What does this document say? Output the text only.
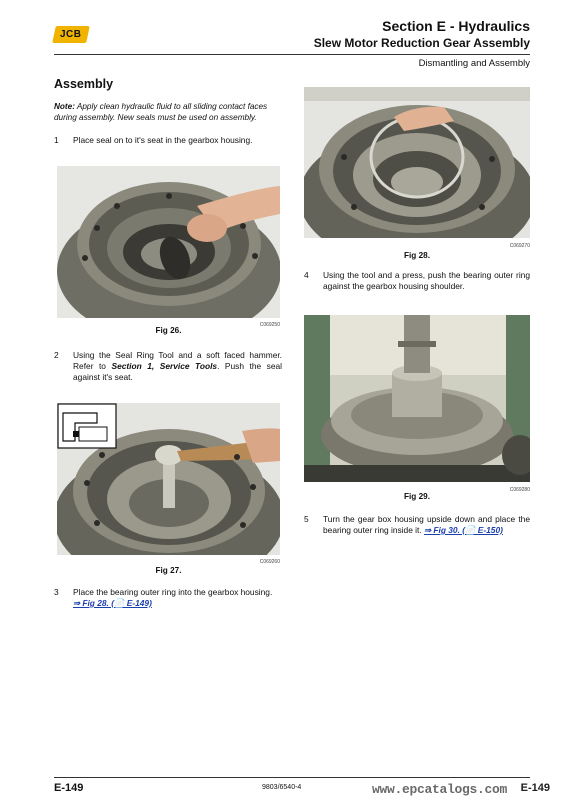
JCB
Section E - Hydraulics
Slew Motor Reduction Gear Assembly
Dismantling and Assembly
Assembly
Note: Apply clean hydraulic fluid to all sliding contact faces during assembly. New seals must be used on assembly.
1 Place seal on to it's seat in the gearbox housing.
C069250
Fig 26.
2 Using the Seal Ring Tool and a soft faced hammer. Refer to Section 1, Service Tools. Push the seal against it's seat.
C069260
Fig 27.
3 Place the bearing outer ring into the gearbox housing.
⇒ Fig 28. (📄 E-149)
C069270
Fig 28.
4 Using the tool and a press, push the bearing outer ring against the gearbox housing shoulder.
C069280
Fig 29.
5 Turn the gear box housing upside down and place the bearing outer ring inside it. ⇒ Fig 30. (📄 E-150)
E-149	9803/6540-4	E-149
www.epcatalogs.com
